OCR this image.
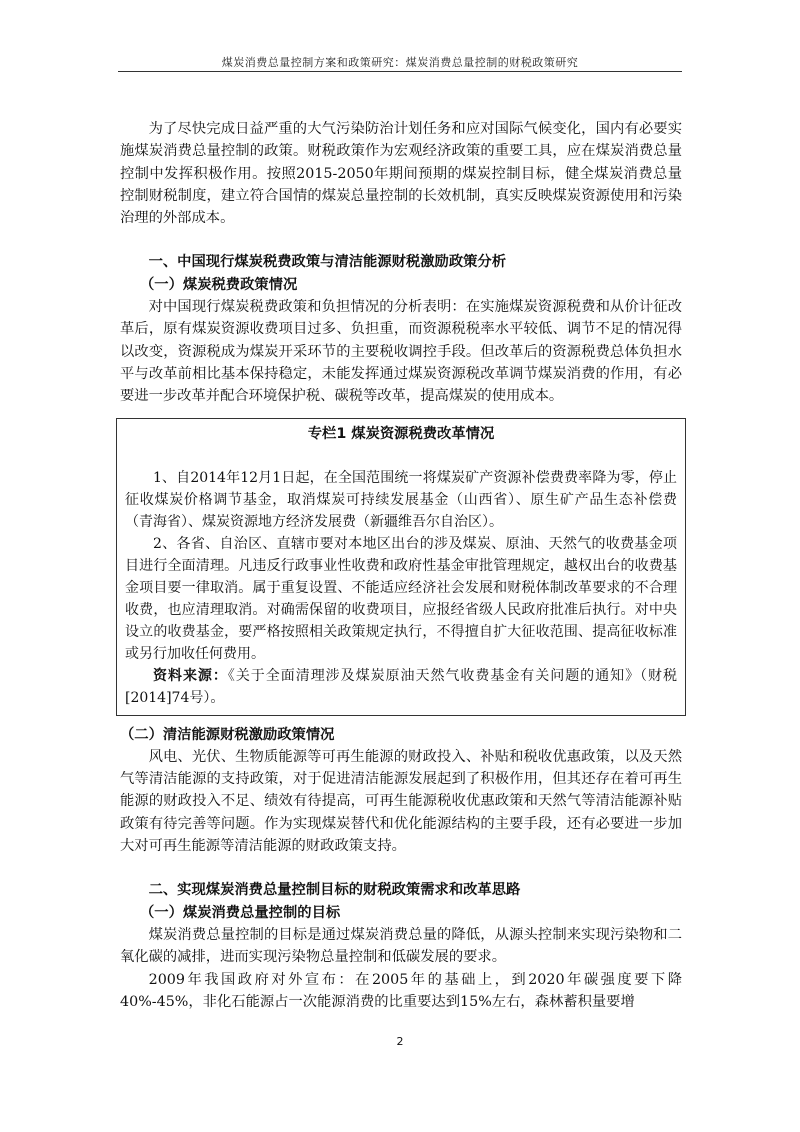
煤炭消费总量控制方案和政策研究：煤炭消费总量控制的财税政策研究

为了尽快完成日益严重的大气污染防治计划任务和应对国际气候变化，国内有必要实施煤炭消费总量控制的政策。财税政策作为宏观经济政策的重要工具，应在煤炭消费总量控制中发挥积极作用。按照2015-2050年期间预期的煤炭控制目标，健全煤炭消费总量控制财税制度，建立符合国情的煤炭总量控制的长效机制，真实反映煤炭资源使用和污染治理的外部成本。

一、中国现行煤炭税费政策与清洁能源财税激励政策分析

（一）煤炭税费政策情况

对中国现行煤炭税费政策和负担情况的分析表明：在实施煤炭资源税费和从价计征改革后，原有煤炭资源收费项目过多、负担重，而资源税税率水平较低、调节不足的情况得以改变，资源税成为煤炭开采环节的主要税收调控手段。但改革后的资源税费总体负担水平与改革前相比基本保持稳定，未能发挥通过煤炭资源税改革调节煤炭消费的作用，有必要进一步改革并配合环境保护税、碳税等改革，提高煤炭的使用成本。

专栏1 煤炭资源税费改革情况

1、自2014年12月1日起，在全国范围统一将煤炭矿产资源补偿费费率降为零，停止征收煤炭价格调节基金，取消煤炭可持续发展基金（山西省）、原生矿产品生态补偿费（青海省）、煤炭资源地方经济发展费（新疆维吾尔自治区）。

2、各省、自治区、直辖市要对本地区出台的涉及煤炭、原油、天然气的收费基金项目进行全面清理。凡违反行政事业性收费和政府性基金审批管理规定，越权出台的收费基金项目要一律取消。属于重复设置、不能适应经济社会发展和财税体制改革要求的不合理收费，也应清理取消。对确需保留的收费项目，应报经省级人民政府批准后执行。对中央设立的收费基金，要严格按照相关政策规定执行，不得擅自扩大征收范围、提高征收标准或另行加收任何费用。

资料来源：《关于全面清理涉及煤炭原油天然气收费基金有关问题的通知》（财税[2014]74号）。

（二）清洁能源财税激励政策情况

风电、光伏、生物质能源等可再生能源的财政投入、补贴和税收优惠政策，以及天然气等清洁能源的支持政策，对于促进清洁能源发展起到了积极作用，但其还存在着可再生能源的财政投入不足、绩效有待提高，可再生能源税收优惠政策和天然气等清洁能源补贴政策有待完善等问题。作为实现煤炭替代和优化能源结构的主要手段，还有必要进一步加大对可再生能源等清洁能源的财政政策支持。

二、实现煤炭消费总量控制目标的财税政策需求和改革思路

（一）煤炭消费总量控制的目标

煤炭消费总量控制的目标是通过煤炭消费总量的降低，从源头控制来实现污染物和二氧化碳的减排，进而实现污染物总量控制和低碳发展的要求。

2009年我国政府对外宣布：在2005年的基础上，到2020年碳强度要下降40%-45%，非化石能源占一次能源消费的比重要达到15%左右，森林蓄积量要增

2
